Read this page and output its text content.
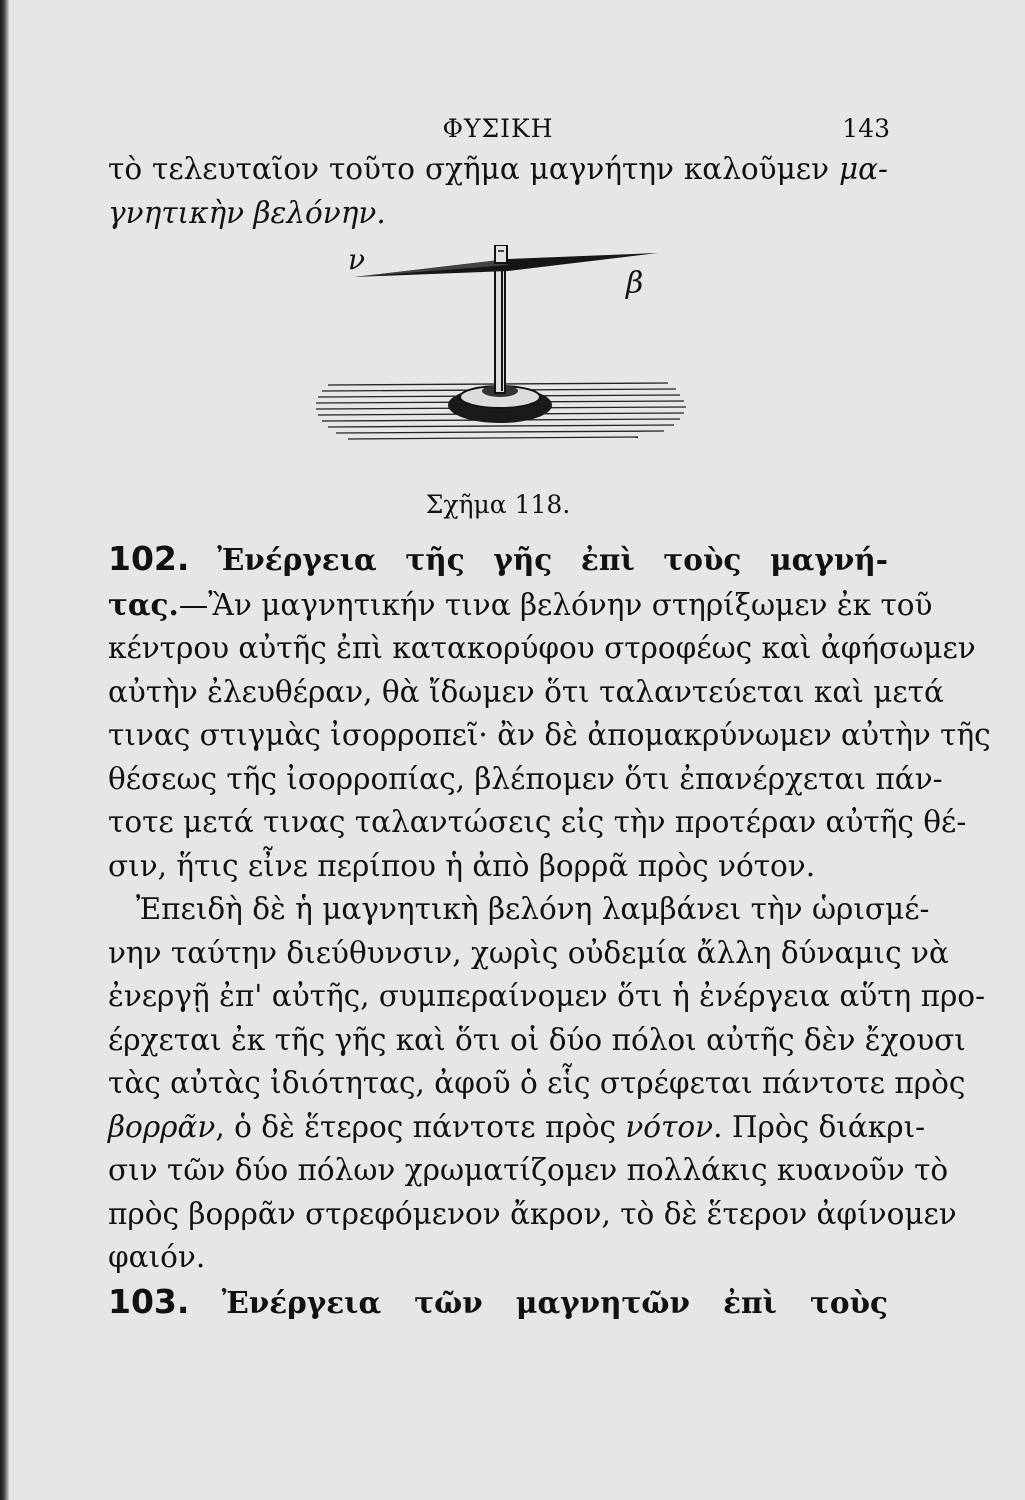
ΦΥΣΙΚΗ	143
τὸ τελευταῖον τοῦτο σχῆμα μαγνήτην καλοῦμεν μα-
γνητικὴν βελόνην.
ν
β
Σχῆμα 118.
102. Ἐνέργεια τῆς γῆς ἐπὶ τοὺς μαγνή-
τας.—Ἂν μαγνητικήν τινα βελόνην στηρίξωμεν ἐκ τοῦ
κέντρου αὐτῆς ἐπὶ κατακορύφου στροφέως καὶ ἀφήσωμεν
αὐτὴν ἐλευθέραν, θὰ ἴδωμεν ὅτι ταλαντεύεται καὶ μετά
τινας στιγμὰς ἰσορροπεῖ· ἂν δὲ ἀπομακρύνωμεν αὐτὴν τῆς
θέσεως τῆς ἰσορροπίας, βλέπομεν ὅτι ἐπανέρχεται πάν-
τοτε μετά τινας ταλαντώσεις εἰς τὴν προτέραν αὐτῆς θέ-
σιν, ἥτις εἶνε περίπου ἡ ἀπὸ βορρᾶ πρὸς νότον.
Ἐπειδὴ δὲ ἡ μαγνητικὴ βελόνη λαμβάνει τὴν ὡρισμέ-
νην ταύτην διεύθυνσιν, χωρὶς οὐδεμία ἄλλη δύναμις νὰ
ἐνεργῇ ἐπ' αὐτῆς, συμπεραίνομεν ὅτι ἡ ἐνέργεια αὕτη προ-
έρχεται ἐκ τῆς γῆς καὶ ὅτι οἱ δύο πόλοι αὐτῆς δὲν ἔχουσι
τὰς αὐτὰς ἰδιότητας, ἀφοῦ ὁ εἷς στρέφεται πάντοτε πρὸς
βορρᾶν, ὁ δὲ ἕτερος πάντοτε πρὸς νότον. Πρὸς διάκρι-
σιν τῶν δύο πόλων χρωματίζομεν πολλάκις κυανοῦν τὸ
πρὸς βορρᾶν στρεφόμενον ἄκρον, τὸ δὲ ἕτερον ἀφίνομεν
φαιόν.
103. Ἐνέργεια τῶν μαγνητῶν ἐπὶ τοὺς
